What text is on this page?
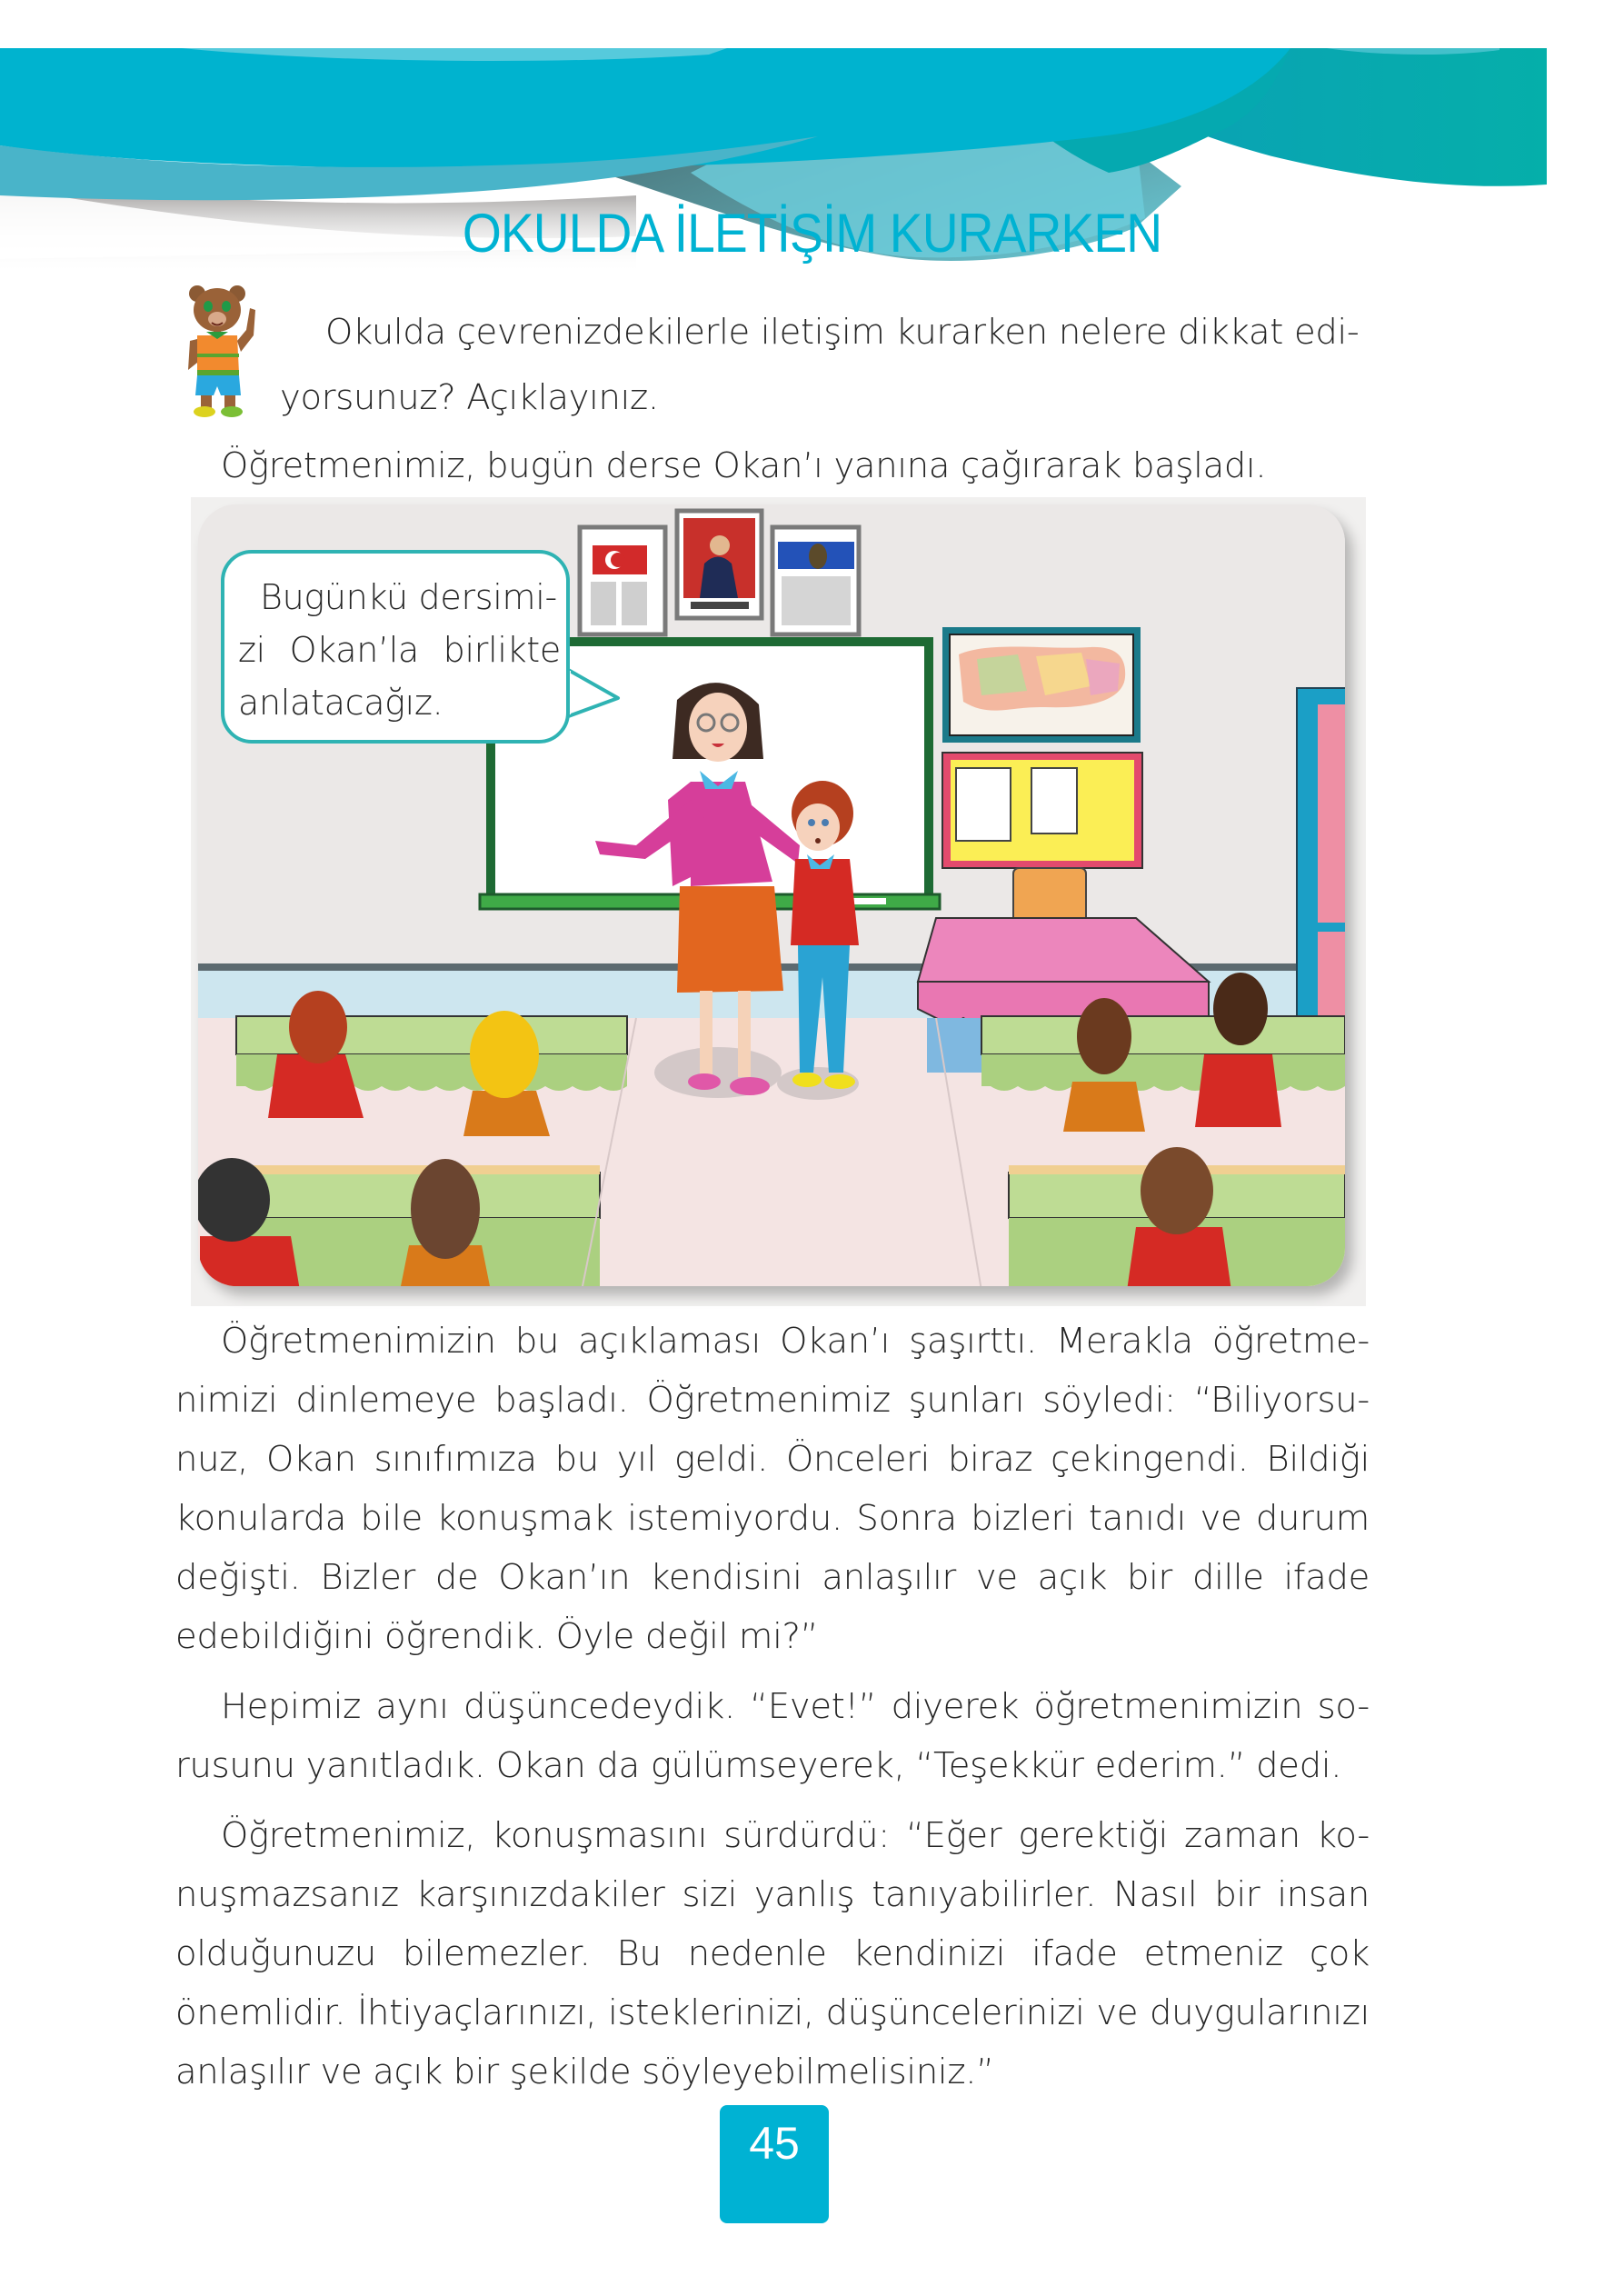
OKULDA İLETİŞİM KURARKEN
Okulda çevrenizdekilerle iletişim kurarken nelere dikkat edi-
yorsunuz? Açıklayınız.
Öğretmenimiz, bugün derse Okan’ı yanına çağırarak başladı.
Bugünkü dersimi-
zi Okan’la birlikte
anlatacağız.

Öğretmenimizin bu açıklaması Okan’ı şaşırttı. Merakla öğretme- nimizi dinlemeye başladı. Öğretmenimiz şunları söyledi: “Biliyorsu- nuz, Okan sınıfımıza bu yıl geldi. Önceleri biraz çekingendi. Bildiği konularda bile konuşmak istemiyordu. Sonra bizleri tanıdı ve durum değişti. Bizler de Okan’ın kendisini anlaşılır ve açık bir dille ifade edebildiğini öğrendik. Öyle değil mi?”

Hepimiz aynı düşüncedeydik. “Evet!” diyerek öğretmenimizin so- rusunu yanıtladık. Okan da gülümseyerek, “Teşekkür ederim.” dedi.

Öğretmenimiz, konuşmasını sürdürdü: “Eğer gerektiği zaman ko- nuşmazsanız karşınızdakiler sizi yanlış tanıyabilirler. Nasıl bir insan olduğunuzu bilemezler. Bu nedenle kendinizi ifade etmeniz çok önemlidir. İhtiyaçlarınızı, isteklerinizi, düşüncelerinizi ve duygularınızı anlaşılır ve açık bir şekilde söyleyebilmelisiniz.”

45
